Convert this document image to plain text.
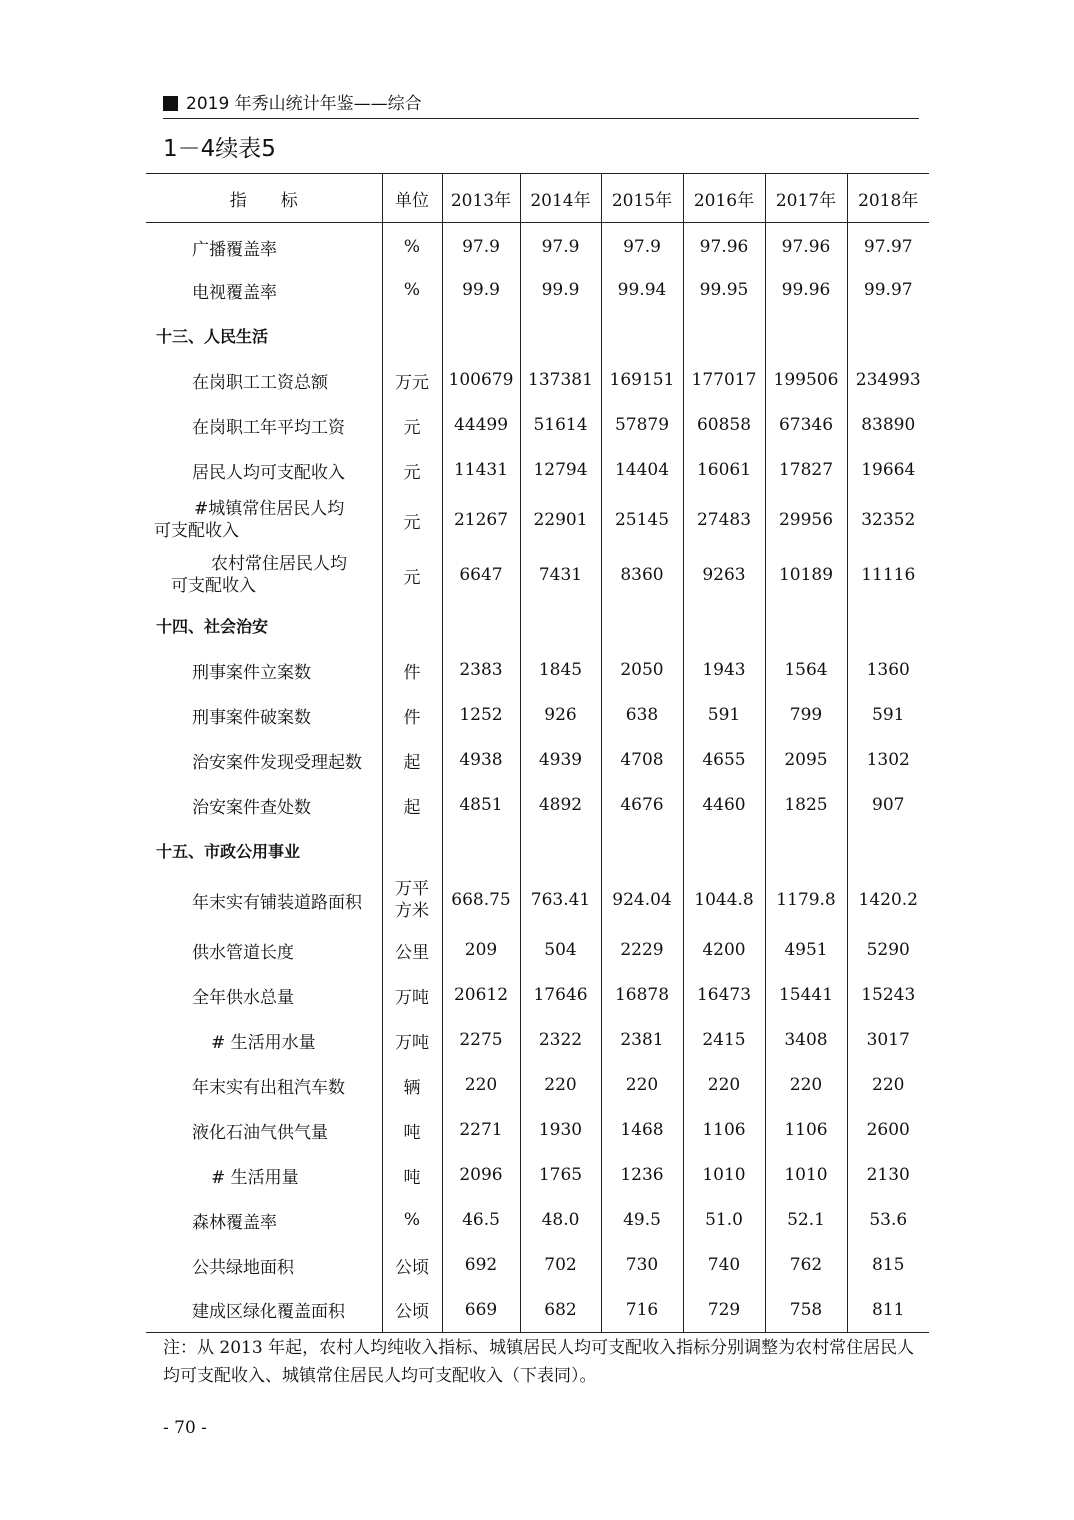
2019 年秀山统计年鉴——综合
1－4续表5
指　　标	单位	2013年	2014年	2015年	2016年	2017年	2018年
广播覆盖率	%	97.9	97.9	97.9	97.96	97.96	97.97
电视覆盖率	%	99.9	99.9	99.94	99.95	99.96	99.97
十三、人民生活							
在岗职工工资总额	万元	100679	137381	169151	177017	199506	234993
在岗职工年平均工资	元	44499	51614	57879	60858	67346	83890
居民人均可支配收入	元	11431	12794	14404	16061	17827	19664

#城镇常住居民人均
可支配收入	元	21267	22901	25145	27483	29956	32352

　农村常住居民人均
　可支配收入	元	6647	7431	8360	9263	10189	11116
十四、社会治安							
刑事案件立案数	件	2383	1845	2050	1943	1564	1360
刑事案件破案数	件	1252	926	638	591	799	591
治安案件发现受理起数	起	4938	4939	4708	4655	2095	1302
治安案件查处数	起	4851	4892	4676	4460	1825	907
十五、市政公用事业							
年末实有铺装道路面积	万平
方米	668.75	763.41	924.04	1044.8	1179.8	1420.2
供水管道长度	公里	209	504	2229	4200	4951	5290
全年供水总量	万吨	20612	17646	16878	16473	15441	15243
# 生活用水量	万吨	2275	2322	2381	2415	3408	3017
年末实有出租汽车数	辆	220	220	220	220	220	220
液化石油气供气量	吨	2271	1930	1468	1106	1106	2600
# 生活用量	吨	2096	1765	1236	1010	1010	2130
森林覆盖率	%	46.5	48.0	49.5	51.0	52.1	53.6
公共绿地面积	公顷	692	702	730	740	762	815
建成区绿化覆盖面积	公顷	669	682	716	729	758	811
注：从 2013 年起，农村人均纯收入指标、城镇居民人均可支配收入指标分别调整为农村常住居民人均可支配收入、城镇常住居民人均可支配收入（下表同）。
- 70 -
